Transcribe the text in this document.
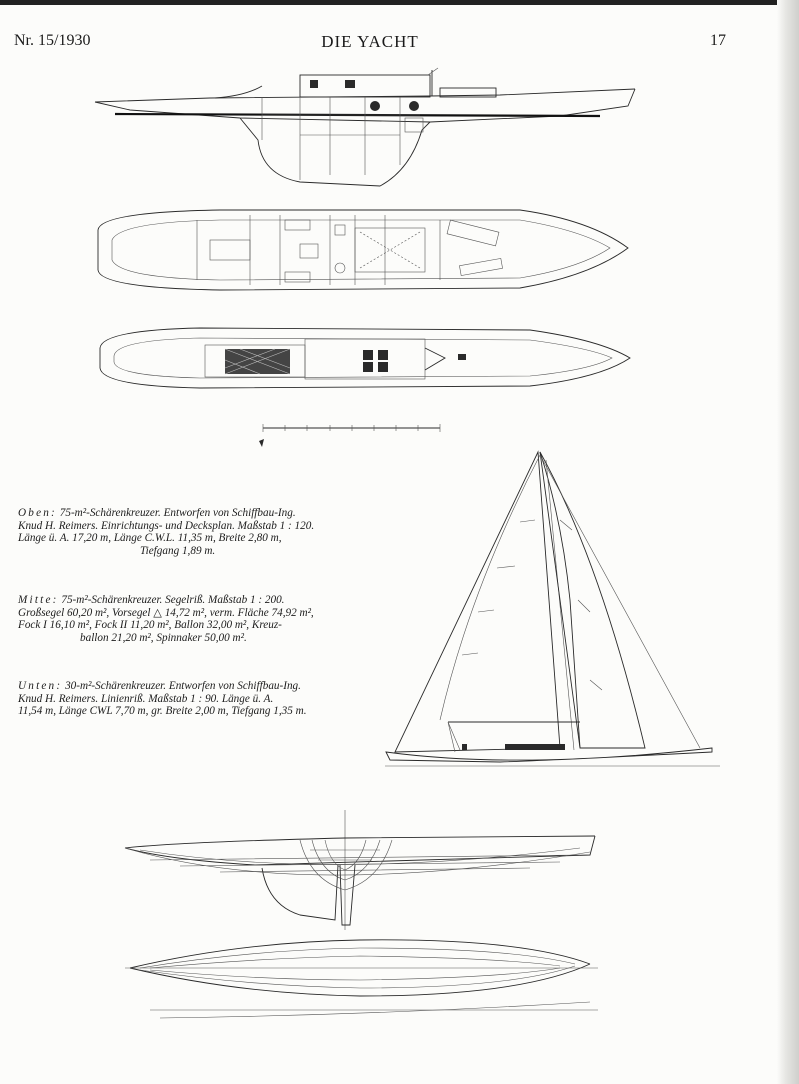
Nr. 15/1930	DIE YACHT	17
Oben: 75-m²-Schärenkreuzer. Entworfen von Schiffbau-Ing.
Knud H. Reimers. Einrichtungs- und Decksplan. Maßstab 1 : 120.
Länge ü. A. 17,20 m, Länge C.W.L. 11,35 m, Breite 2,80 m,
Tiefgang 1,89 m.
Mitte: 75-m²-Schärenkreuzer. Segelriß. Maßstab 1 : 200.
Großsegel 60,20 m², Vorsegel △ 14,72 m², verm. Fläche 74,92 m²,
Fock I 16,10 m², Fock II 11,20 m², Ballon 32,00 m², Kreuz-
ballon 21,20 m², Spinnaker 50,00 m².
Unten: 30-m²-Schärenkreuzer. Entworfen von Schiffbau-Ing.
Knud H. Reimers. Linienriß. Maßstab 1 : 90. Länge ü. A.
11,54 m, Länge CWL 7,70 m, gr. Breite 2,00 m, Tiefgang 1,35 m.
